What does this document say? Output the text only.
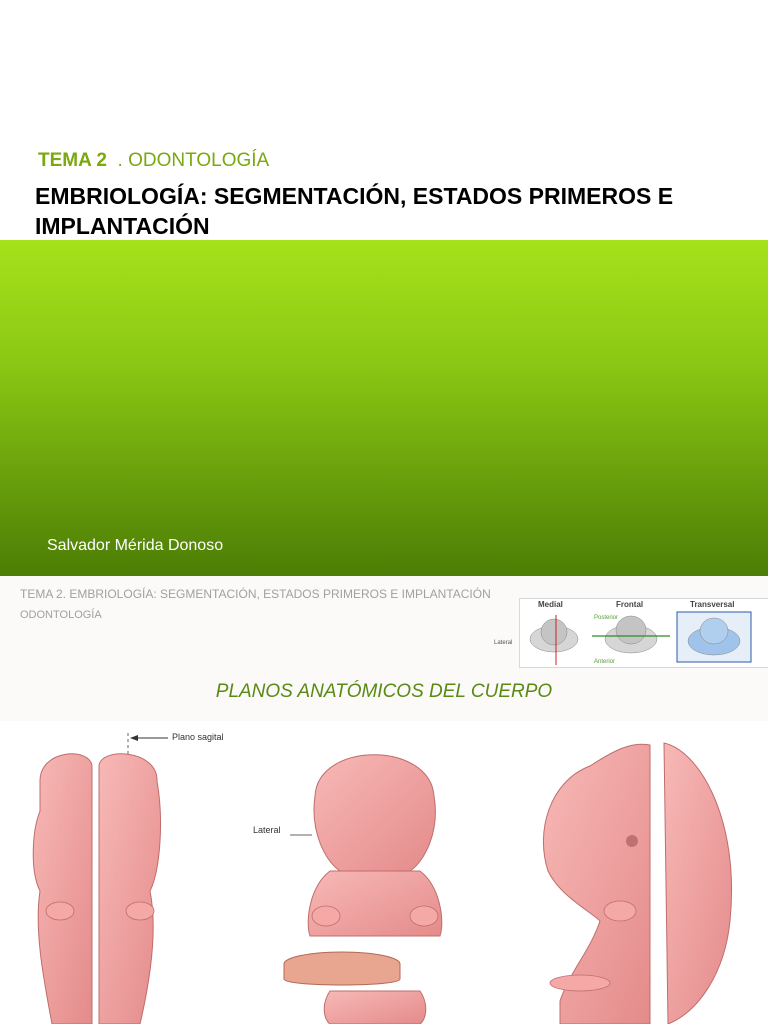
TEMA 2  . ODONTOLOGÍA
EMBRIOLOGÍA: SEGMENTACIÓN, ESTADOS PRIMEROS E IMPLANTACIÓN
Salvador Mérida Donoso
TEMA 2. EMBRIOLOGÍA: SEGMENTACIÓN, ESTADOS PRIMEROS E IMPLANTACIÓN
ODONTOLOGÍA
Medial	Frontal	Transversal
Lateral
Posterior
Anterior
PLANOS ANATÓMICOS DEL CUERPO
Plano sagital
Lateral
